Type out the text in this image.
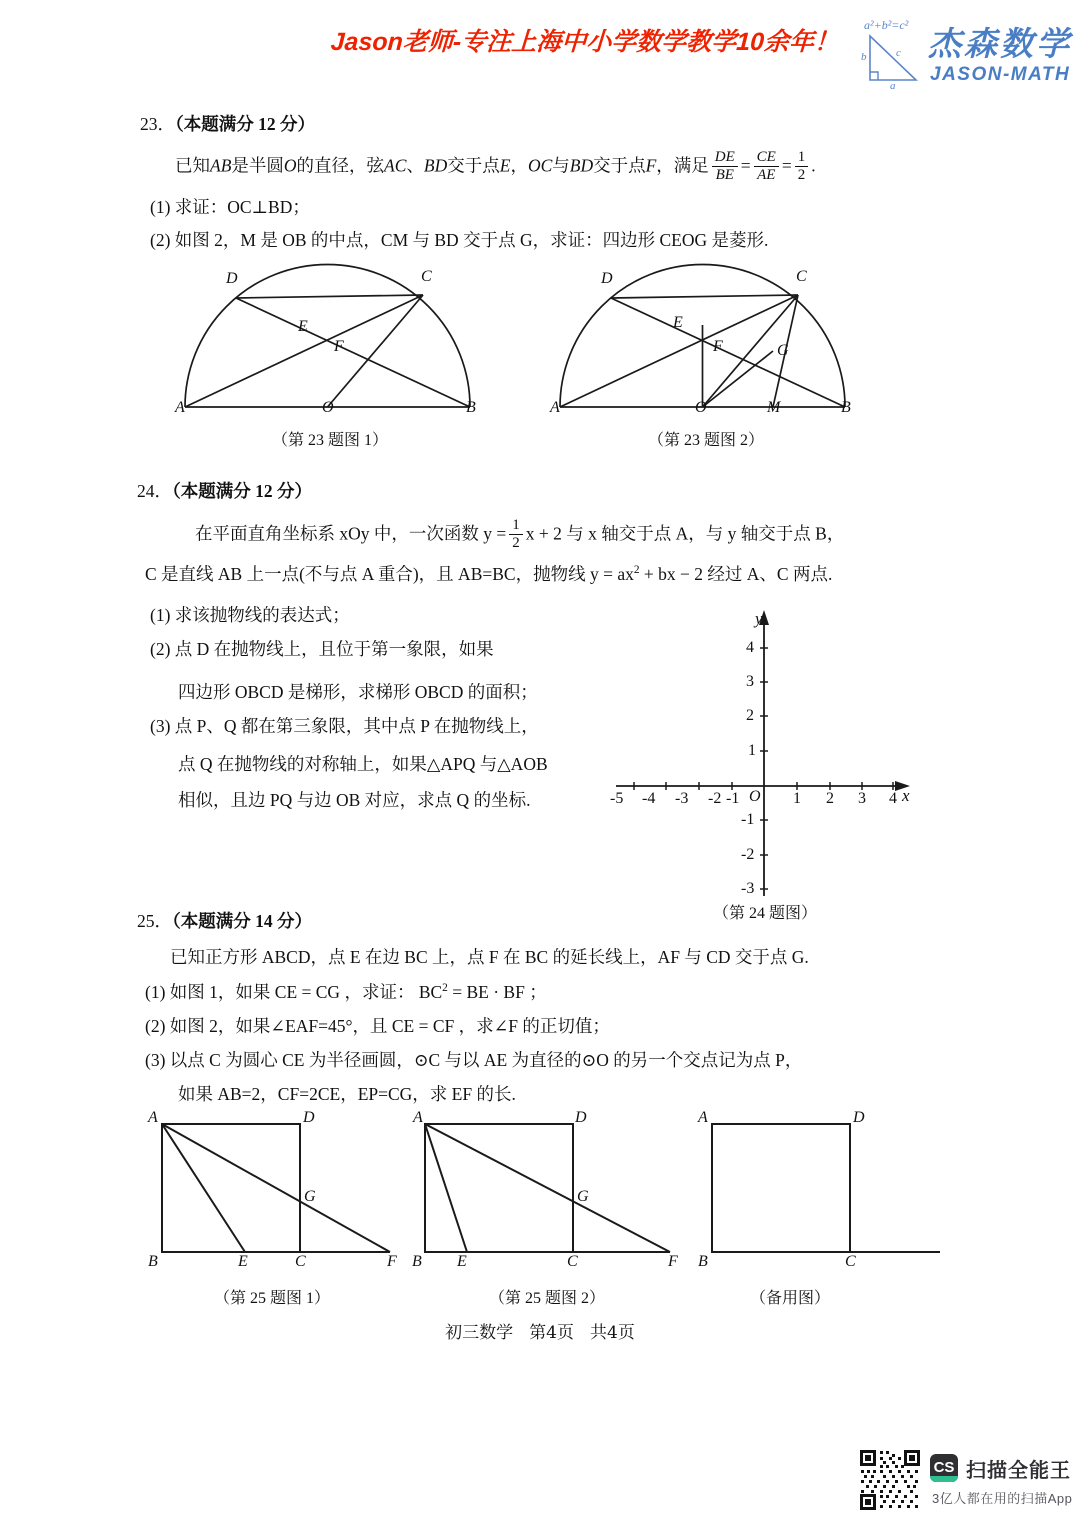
Jason老师-专注上海中小学数学教学10余年！
a²+b²=c²
b	c
a
杰森数学
JASON-MATH
23．（本题满分 12 分）
已知AB是半圆O的直径，弦AC、BD交于点E，OC与BD交于点F，满足 $\frac{DE}{BE} = \frac{CE}{AE} = \frac{1}{2}$ .
(1) 求证：OC⊥BD；
(2) 如图 2，M 是 OB 的中点，CM 与 BD 交于点 G，求证：四边形 CEOG 是菱形.
A	B
O
C
D
E
F
（第 23 题图 1）
A	B
O	M
C
D
E
F	G
（第 23 题图 2）
24．（本题满分 12 分）
在平面直角坐标系 xOy 中，一次函数 $y = \frac{1}{2}$ x + 2 与 x 轴交于点 A，与 y 轴交于点 B，
C 是直线 AB 上一点(不与点 A 重合)，且 AB=BC，抛物线 $y = ax^2$ + bx − 2 经过 A、C 两点.
(1) 求该抛物线的表达式；
(2) 点 D 在抛物线上，且位于第一象限，如果
四边形 OBCD 是梯形，求梯形 OBCD 的面积；
(3) 点 P、Q 都在第三象限，其中点 P 在抛物线上，
点 Q 在抛物线的对称轴上，如果△APQ 与△AOB
相似，且边 PQ 与边 OB 对应，求点 Q 的坐标.
y
x
O
-5 -4 -3 -2 -1	1 2 3 4
4
3
2
1
-1
-2
-3
（第 24 题图）
25．（本题满分 14 分）
已知正方形 ABCD，点 E 在边 BC 上，点 F 在 BC 的延长线上，AF 与 CD 交于点 G.
(1) 如图 1，如果 CE = CG ，求证： $BC^2$ = BE · BF ；
(2) 如图 2，如果∠EAF=45°，且 CE = CF ，求∠F 的正切值；
(3) 以点 C 为圆心 CE 为半径画圆，⊙C 与以 AE 为直径的⊙O 的另一个交点记为点 P，
如果 AB=2，CF=2CE，EP=CG，求 EF 的长.
A	D
B	E	C	F
G
（第 25 题图 1）
A	D
B E	C	F
G
（第 25 题图 2）
A	D
B	C
（备用图）
初三数学 第4页 共4页
CS 扫描全能王
3亿人都在用的扫描App
